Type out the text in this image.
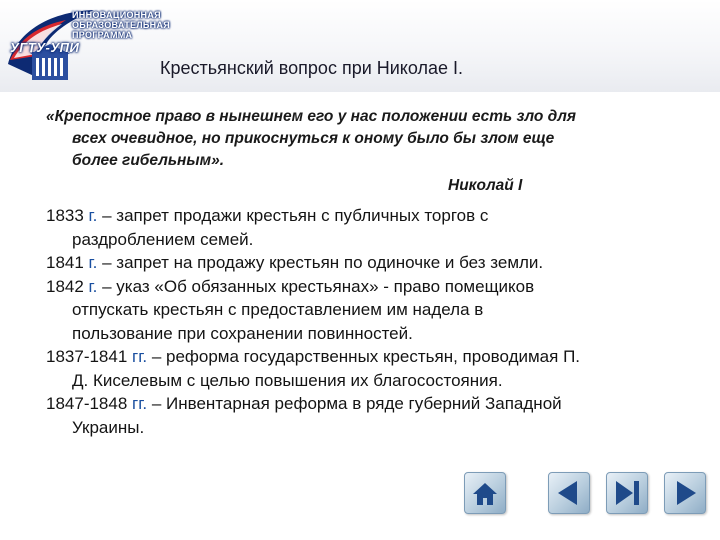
ИННОВАЦИОННАЯ
ОБРАЗОВАТЕЛЬНАЯ
ПРОГРАММА
УГТУ-УПИ
Крестьянский вопрос при Николае I.
«Крепостное право в нынешнем его у нас положении есть зло для
всех очевидное, но прикоснуться к оному было бы злом еще
более гибельным».
Николай I
1833 г. – запрет продажи крестьян с публичных торгов с
раздроблением семей.
1841 г. – запрет на продажу крестьян по одиночке и без земли.
1842 г. – указ «Об обязанных крестьянах» - право помещиков
отпускать крестьян с предоставлением им надела в
пользование при сохранении повинностей.
1837-1841 гг. – реформа государственных крестьян, проводимая П.
Д. Киселевым с целью повышения их благосостояния.
1847-1848 гг. – Инвентарная реформа в ряде губерний Западной
Украины.
